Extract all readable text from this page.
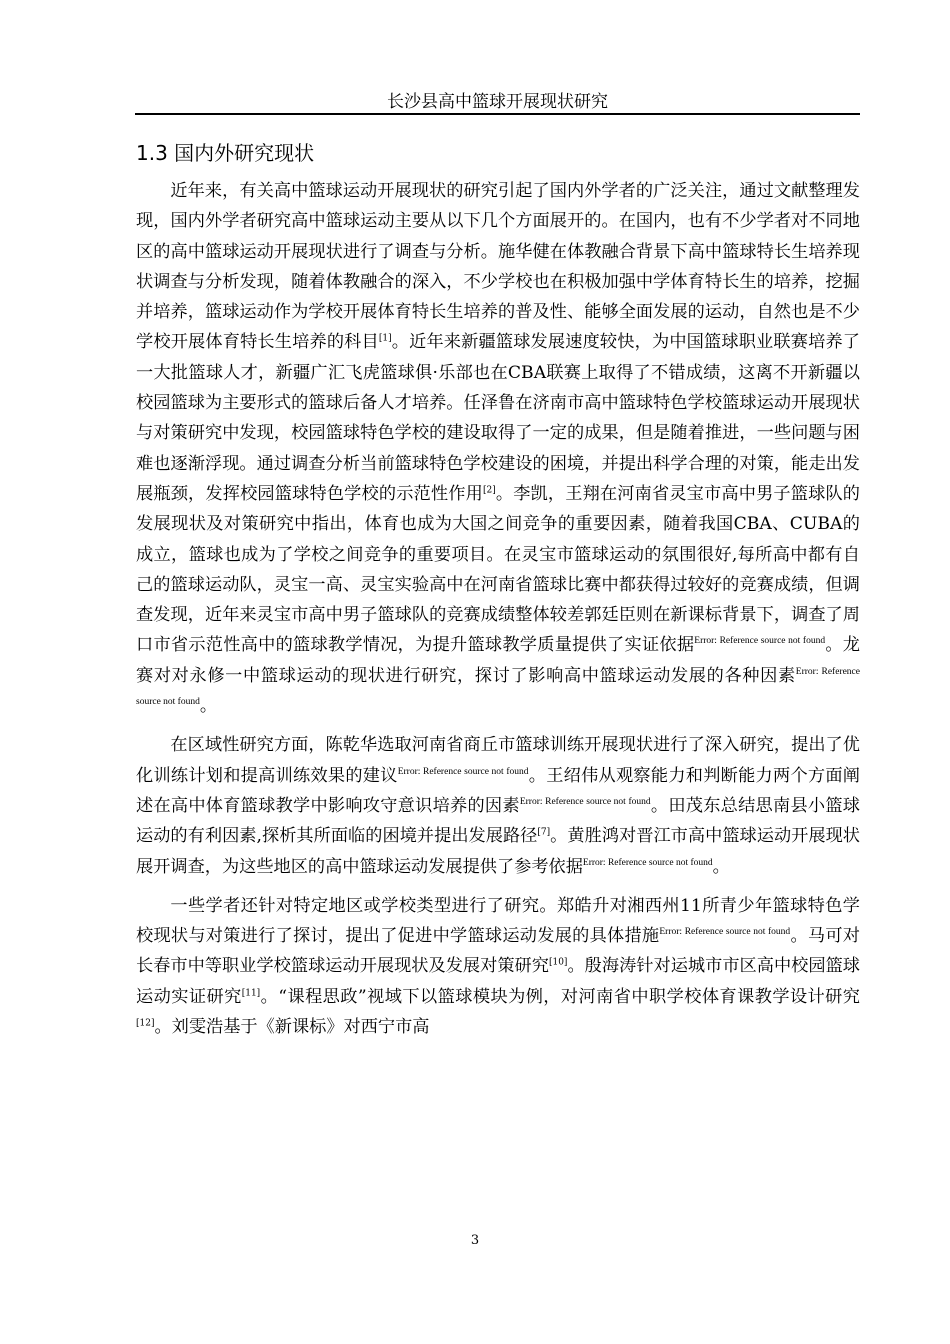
长沙县高中篮球开展现状研究
1.3 国内外研究现状

近年来，有关高中篮球运动开展现状的研究引起了国内外学者的广泛关注，通过文献整理发现，国内外学者研究高中篮球运动主要从以下几个方面展开的。在国内，也有不少学者对不同地区的高中篮球运动开展现状进行了调查与分析。施华健在体教融合背景下高中篮球特长生培养现状调查与分析发现，随着体教融合的深入，不少学校也在积极加强中学体育特长生的培养，挖掘并培养，篮球运动作为学校开展体育特长生培养的普及性、能够全面发展的运动，自然也是不少学校开展体育特长生培养的科目[1]。近年来新疆篮球发展速度较快，为中国篮球职业联赛培养了一大批篮球人才，新疆广汇飞虎篮球俱·乐部也在CBA联赛上取得了不错成绩，这离不开新疆以校园篮球为主要形式的篮球后备人才培养。任泽鲁在济南市高中篮球特色学校篮球运动开展现状与对策研究中发现，校园篮球特色学校的建设取得了一定的成果，但是随着推进，一些问题与困难也逐渐浮现。通过调查分析当前篮球特色学校建设的困境，并提出科学合理的对策，能走出发展瓶颈，发挥校园篮球特色学校的示范性作用[2]。李凯，王翔在河南省灵宝市高中男子篮球队的发展现状及对策研究中指出，体育也成为大国之间竞争的重要因素，随着我国CBA、CUBA的成立，篮球也成为了学校之间竞争的重要项目。在灵宝市篮球运动的氛围很好,每所高中都有自己的篮球运动队，灵宝一高、灵宝实验高中在河南省篮球比赛中都获得过较好的竞赛成绩，但调查发现，近年来灵宝市高中男子篮球队的竞赛成绩整体较差郭廷臣则在新课标背景下，调查了周口市省示范性高中的篮球教学情况，为提升篮球教学质量提供了实证依据$^{Error: Reference source not found}$。龙赛对对永修一中篮球运动的现状进行研究，探讨了影响高中篮球运动发展的各种因素$^{Error: Reference source not found}$。

在区域性研究方面，陈乾华选取河南省商丘市篮球训练开展现状进行了深入研究，提出了优化训练计划和提高训练效果的建议$^{Error: Reference source not found}$。王绍伟从观察能力和判断能力两个方面阐述在高中体育篮球教学中影响攻守意识培养的因素$^{Error: Reference source not found}$。田茂东总结思南县小篮球运动的有利因素,探析其所面临的困境并提出发展路径[7]。黄胜鸿对晋江市高中篮球运动开展现状展开调查，为这些地区的高中篮球运动发展提供了参考依据$^{Error: Reference source not found}$。

一些学者还针对特定地区或学校类型进行了研究。郑皓升对湘西州11所青少年篮球特色学校现状与对策进行了探讨，提出了促进中学篮球运动发展的具体措施$^{Error: Reference source not found}$。马可对长春市中等职业学校篮球运动开展现状及发展对策研究[10]。殷海涛针对运城市市区高中校园篮球运动实证研究[11]。“课程思政”视域下以篮球模块为例，对河南省中职学校体育课教学设计研究[12]。刘雯浩基于《新课标》对西宁市高

3
